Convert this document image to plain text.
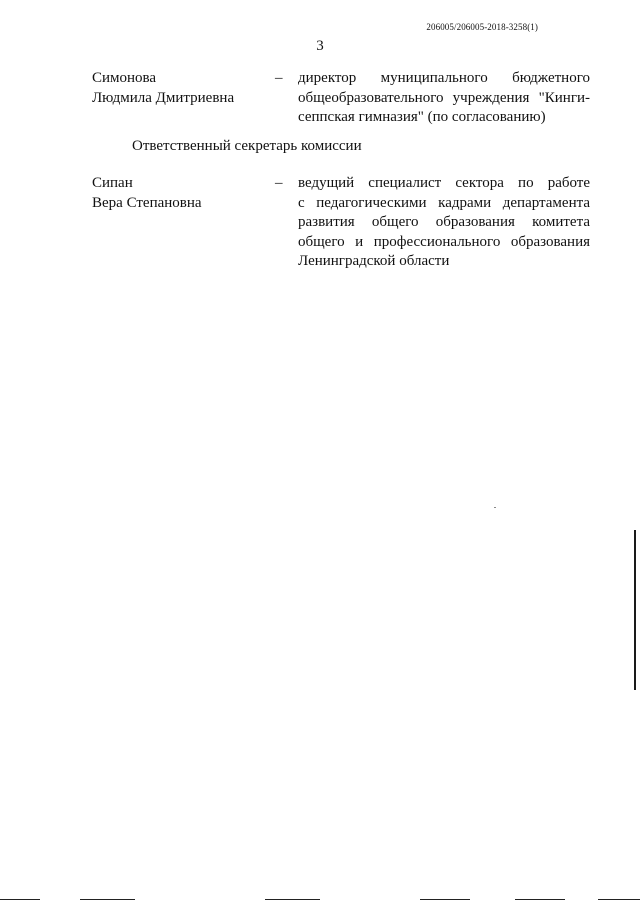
206005/206005-2018-3258(1)
3
Симонова
Людмила Дмитриевна
– директор муниципального бюджетного
общеобразовательного учреждения "Кинги-
сеппская гимназия" (по согласованию)
Ответственный секретарь комиссии
Сипан
Вера Степановна
– ведущий специалист сектора по работе
с педагогическими кадрами департамента
развития общего образования комитета
общего и профессионального образования
Ленинградской области
